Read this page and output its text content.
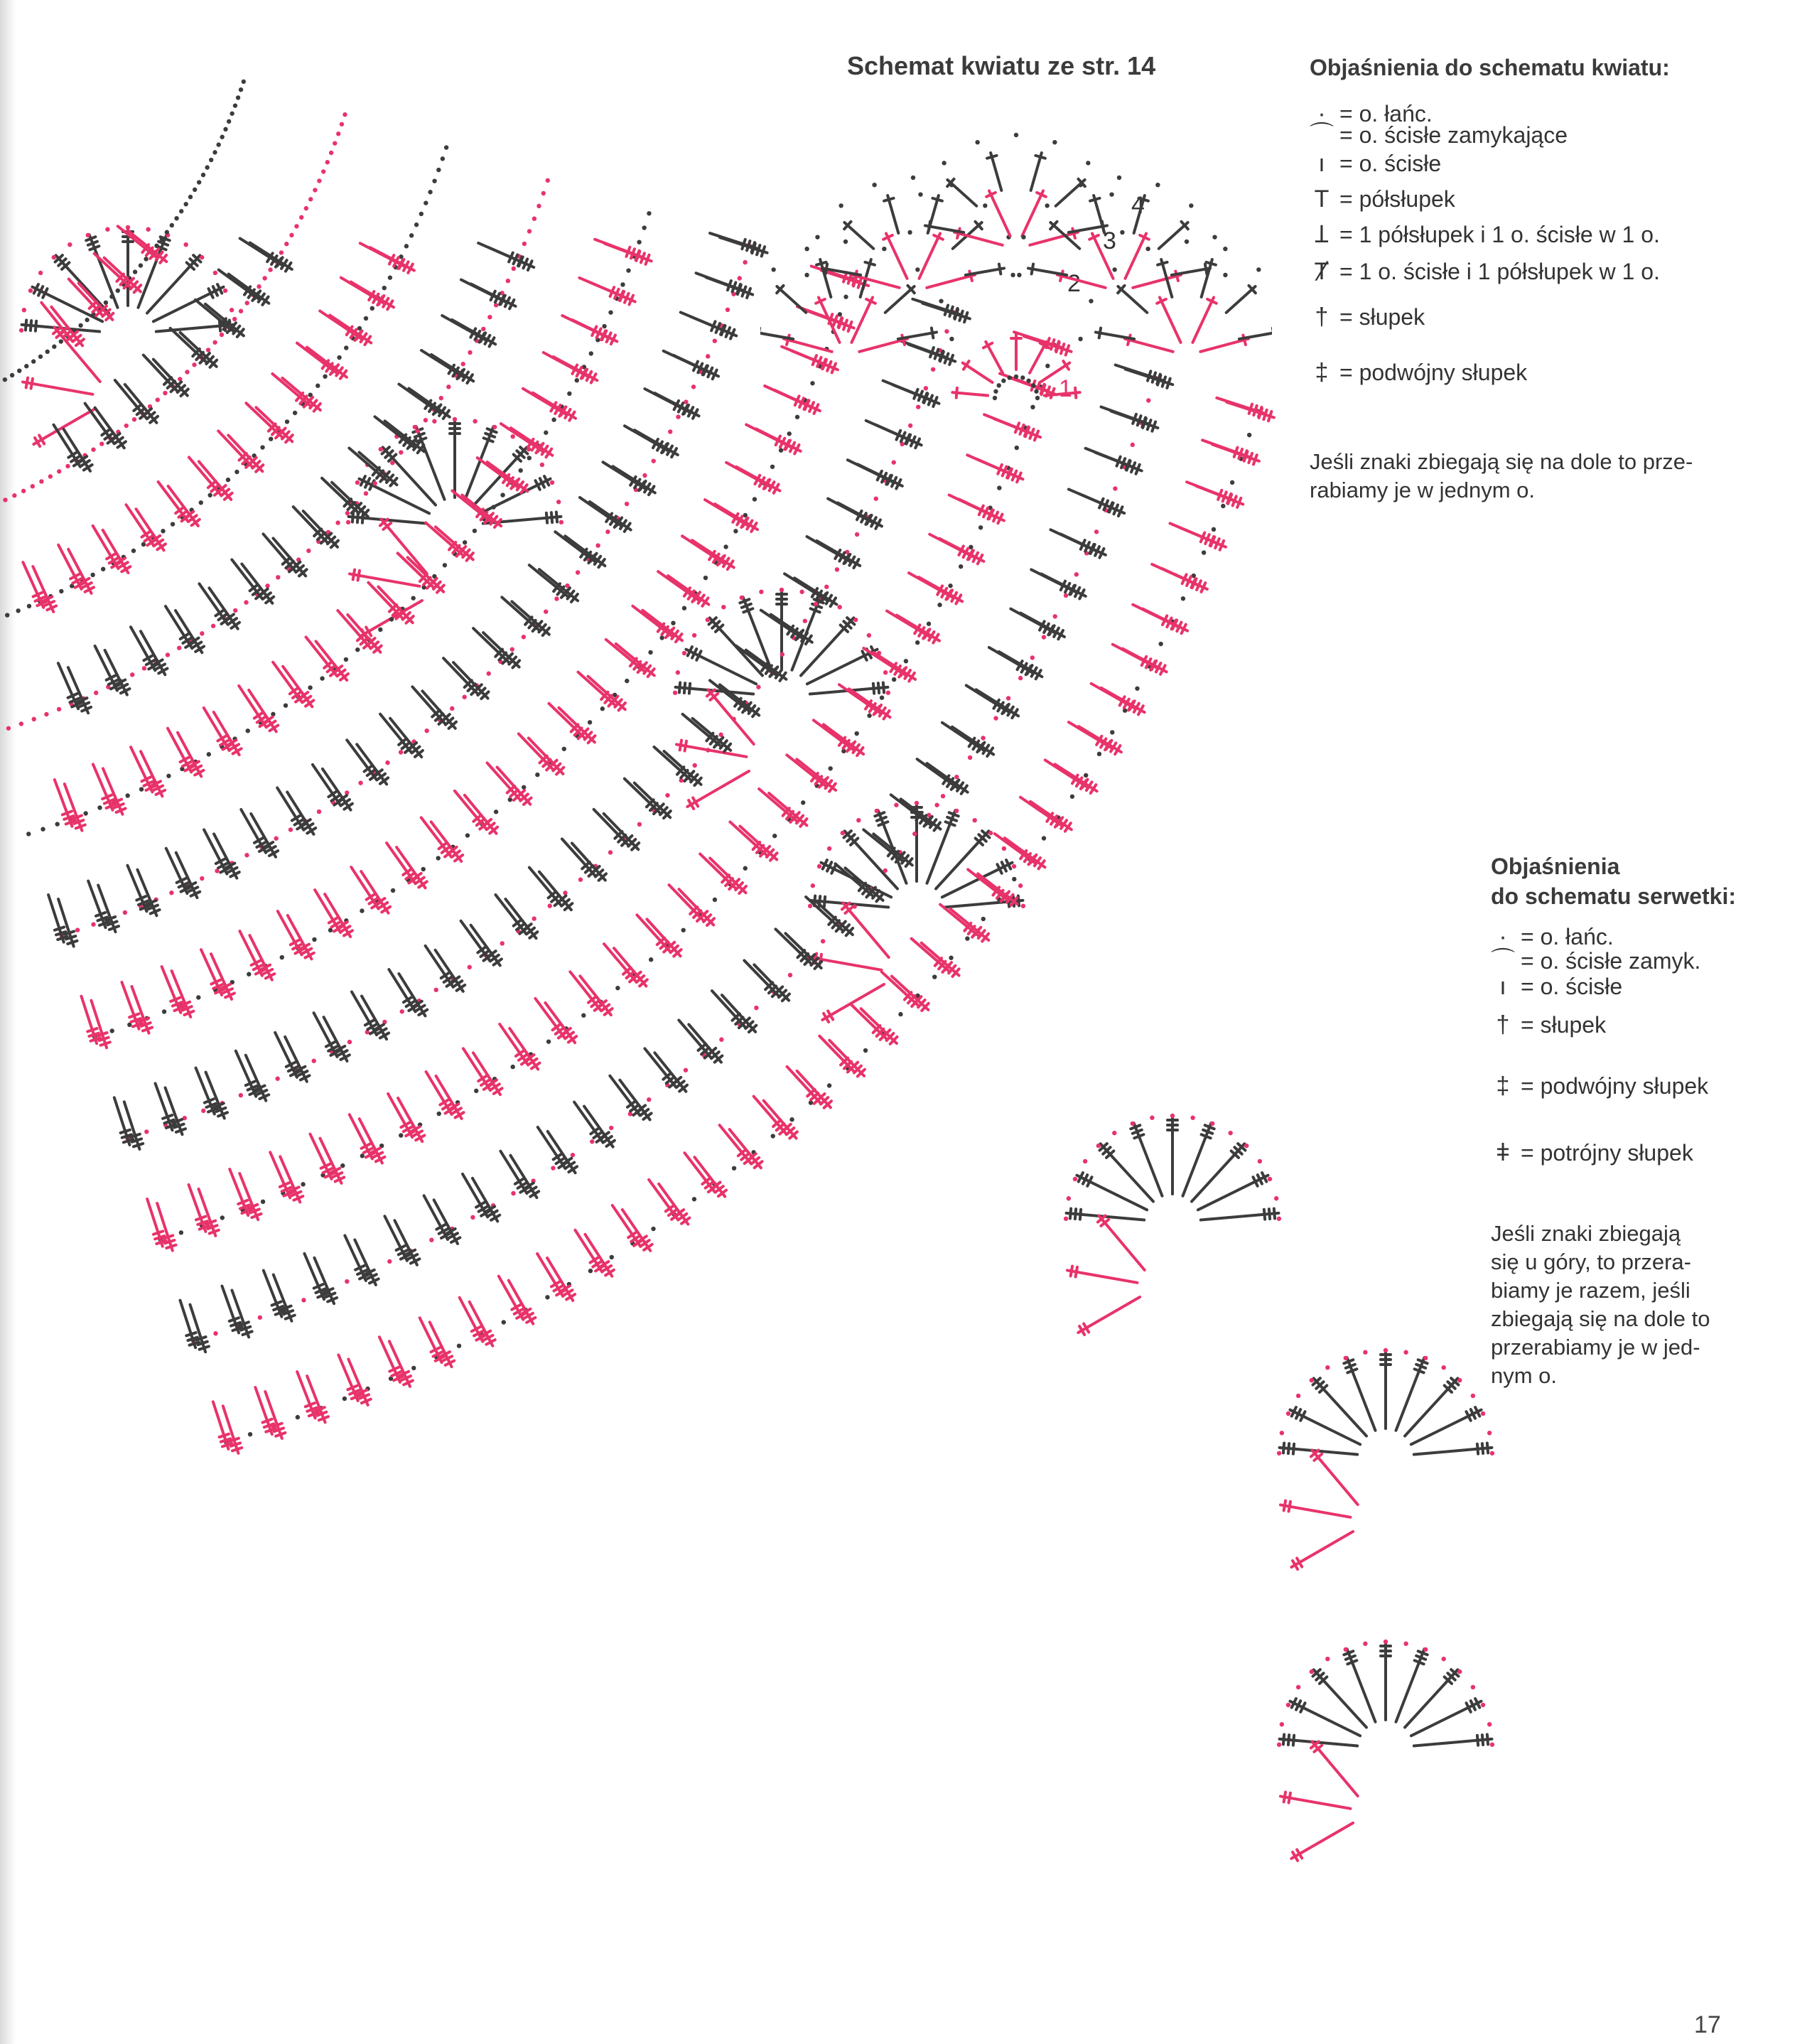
Schemat kwiatu ze str. 14
4
3
2
1
Objaśnienia do schematu kwiatu:
· = o. łańc.
⌒ = o. ścisłe zamykające
ı = o. ścisłe
T = półsłupek
Ʇ = 1 półsłupek i 1 o. ścisłe w 1 o.
Ⱦ = 1 o. ścisłe i 1 półsłupek w 1 o.
† = słupek
‡ = podwójny słupek
Jeśli znaki zbiegają się na dole to prze-
rabiamy je w jednym o.
Objaśnienia
do schematu serwetki:
· = o. łańc.
⌒ = o. ścisłe zamyk.
ı = o. ścisłe
† = słupek
‡ = podwójny słupek
ǂ = potrójny słupek
Jeśli znaki zbiegają
się u góry, to przera-
biamy je razem, jeśli
zbiegają się na dole to
przerabiamy je w jed-
nym o.
17
